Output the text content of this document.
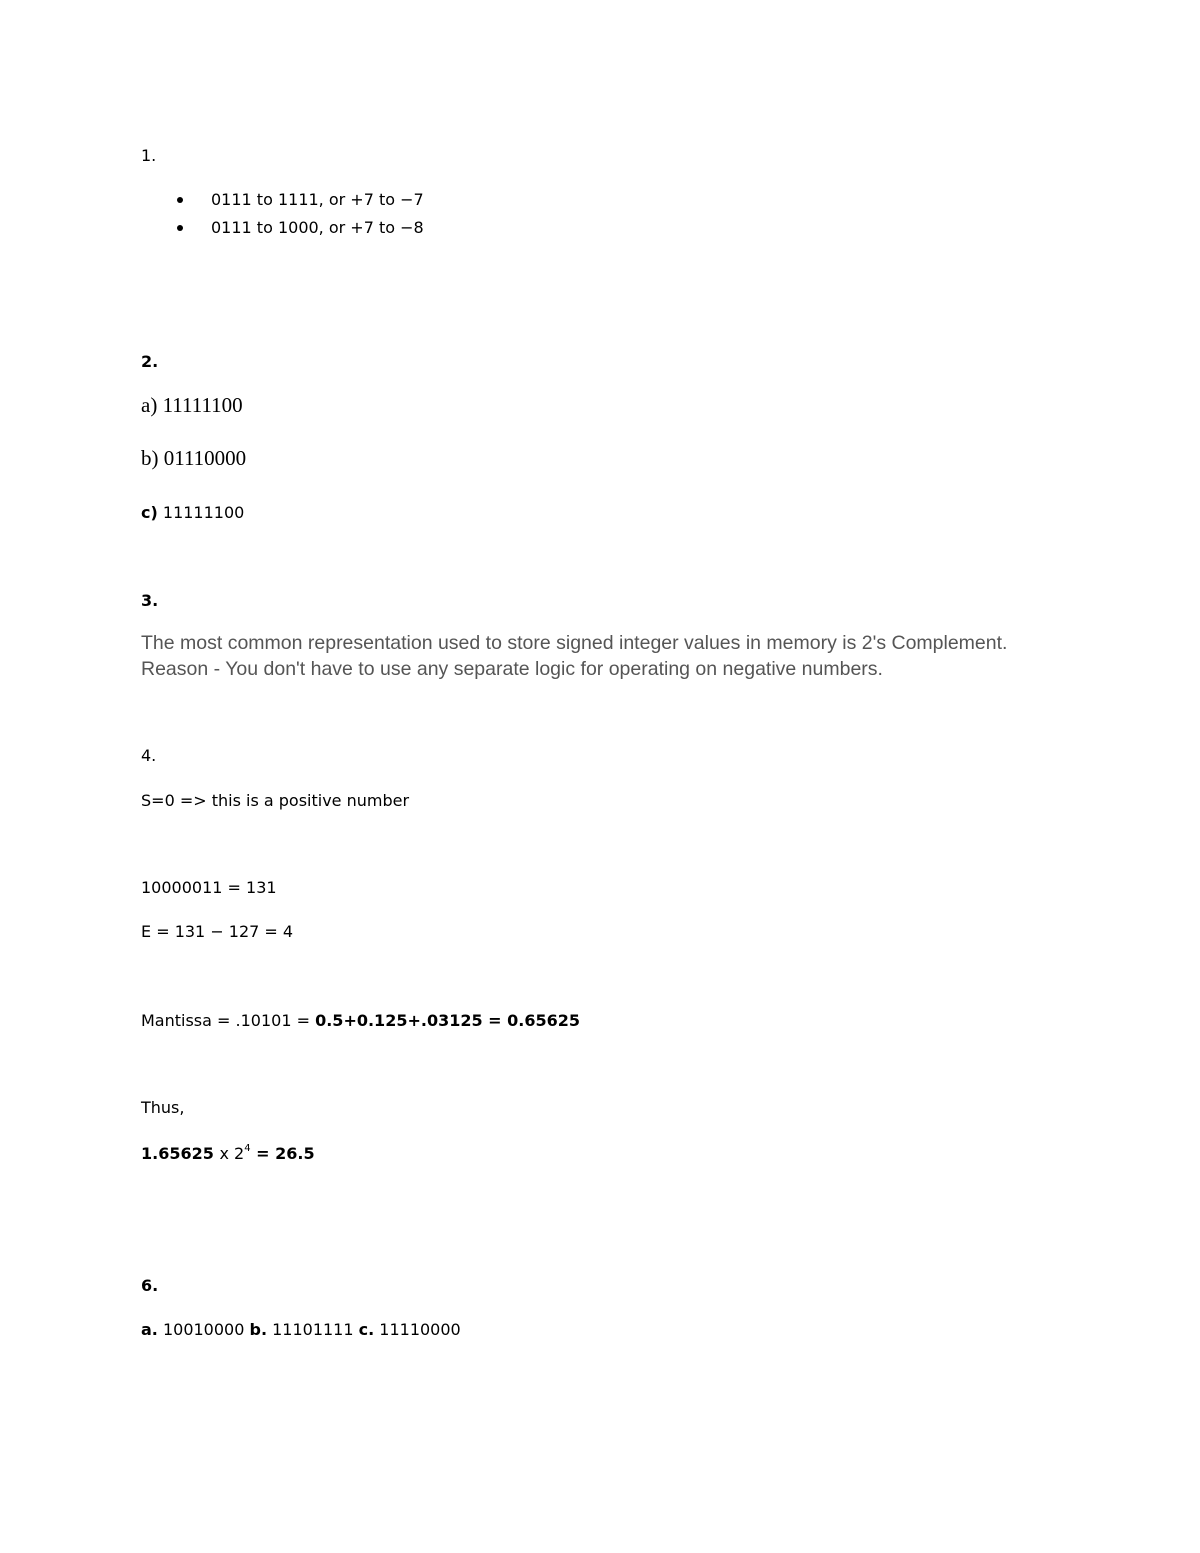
1.
0111 to 1111, or +7 to −7
0111 to 1000, or +7 to −8
2.
a) 11111100
b) 01110000
c) 11111100
3.
The most common representation used to store signed integer values in memory is 2's Complement.
Reason - You don't have to use any separate logic for operating on negative numbers.
4.
S=0 => this is a positive number
10000011 = 131
E = 131 − 127 = 4
Mantissa = .10101 = 0.5+0.125+.03125 = 0.65625
Thus,
1.65625 x $2^4 = 26.5$
6.
a. 10010000 b. 11101111 c. 11110000
